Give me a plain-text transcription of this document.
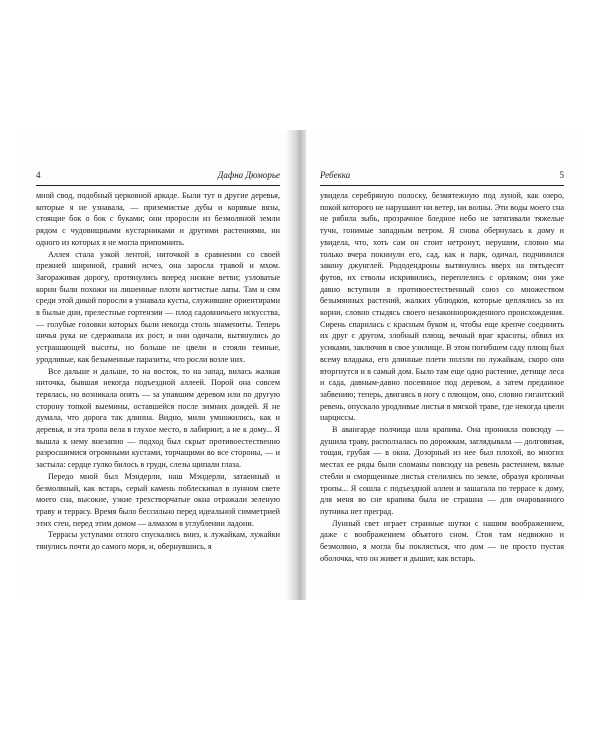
4	Дафна Дюморье

мной свод, подобный церковной аркаде. Были тут и другие деревья, которые я не узнавала, — приземистые дубы и корявые вязы, стоящие бок о бок с буками; они проросли из безмолвной земли рядом с чудовищными кустарниками и другими растениями, ни одного из которых я не могла припомнить.

Аллея стала узкой лентой, ниточкой в сравнении со своей прежней шириной, гравий исчез, она заросла травой и мхом. Загораживая дорогу, протянулись вперед низкие ветви; узловатые корни были похожи на лишенные плоти когтистые лапы. Там и сям среди этой дикой поросли я узнавала кусты, служившие ориентирами в былые дни, прелестные гортензии — плод садовничьего искусства, — голубые головки которых были некогда столь знамениты. Теперь ничья рука не сдерживала их рост, и они одичали, вытянулись до устрашающей высоты, но больше не цвели и стояли темные, уродливые, как безыменные паразиты, что росли возле них.

Все дальше и дальше, то на восток, то на запад, вилась жалкая ниточка, бывшая некогда подъездной аллеей. Порой она совсем терялась, но возникала опять — за упавшим деревом или по другую сторону топкой выемины, оставшейся после зимних дождей. Я не думала, что дорога так длинна. Видно, мили умножились, как и деревья, и эта тропа вела в глухое место, в лабиринт, а не к дому... Я вышла к нему внезапно — подход был скрыт противоестественно разросшимися огромными кустами, торчащими во все стороны, — и застыла: сердце гулко билось в груди, слезы щипали глаза.

Передо мной был Мэндерли, наш Мэндерли, затаенный и безмолвный, как встарь, серый камень поблескивал в лунном свете моего сна, высокие, узкие трехстворчатые окна отражали зеленую траву и террасу. Время было бессильно перед идеальной симметрией этих стен, перед этим домом — алмазом в углублении ладони.

Террасы уступами отлого спускались вниз, к лужайкам, лужайки тянулись почти до самого моря, и, обернувшись, я

Ребекка	5

увидела серебряную полоску, безмятежную под луной, как озеро, покой которого не нарушают ни ветер, ни волны. Эти воды моего сна не рябила зыбь, прозрачное бледное небо не затягивали тяжелые тучи, гонимые западным ветром. Я снова обернулась к дому и увидела, что, хоть сам он стоит нетронут, нерушим, словно мы только вчера покинули его, сад, как и парк, одичал, подчинился закону джунглей. Рододендроны вытянулись вверх на пятьдесят футов, их стволы искривились, переплелись с орляком; они уже давно вступили в противоестественный союз со множеством безымянных растений, жалких ублюдков, которые цеплялись за их корни, словно стыдясь своего незаконнорожденного происхождения. Сирень спарилась с красным буком и, чтобы еще крепче соединить их друг с другом, злобный плющ, вечный враг красоты, обвил их усиками, заключив в свое узилище. В этом погибшем саду плющ был всему владыка, его длинные плети ползли по лужайкам, скоро они вторгнутся и в самый дом. Было там еще одно растение, детище леса и сада, давным-давно посеянное под деревом, а затем преданное забвению; теперь, двигаясь в ногу с плющом, оно, словно гигантский ревень, опускало уродливые листья в мягкой траве, где некогда цвели нарциссы.

В авангарде полчища шла крапива. Она проникла повсюду — душила траву, расползалась по дорожкам, заглядывала — долговязая, тощая, грубая — в окна. Дозорный из нее был плохой, во многих местах ее ряды были сломаны повсюду на ревень растением, вялые стебли и сморщенные листья стелились по земле, образуя кроличьи тропы... Я сошла с подъездной аллеи и зашагала по террасе к дому, для меня во сне крапива была не страшна — для очарованного путника нет преград.

Лунный свет играет странные шутки с нашим воображением, даже с воображением объятого сном. Стоя там недвижно и безмолвно, я могла бы поклясться, что дом — не просто пустая оболочка, что он живет и дышит, как встарь.
